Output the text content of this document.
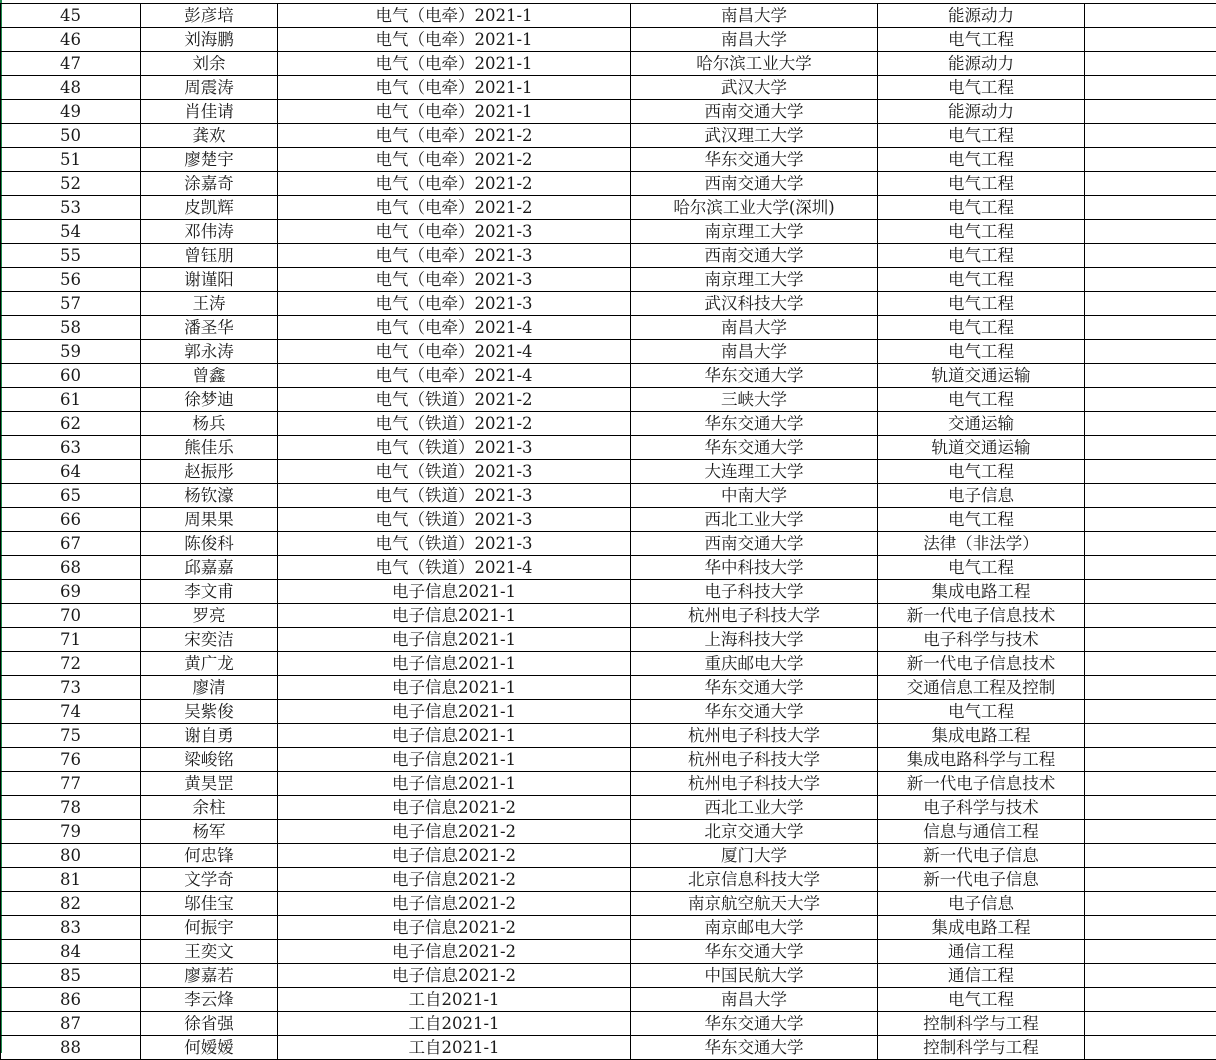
45	彭彦培	电气（电牵）2021-1	南昌大学	能源动力	
46	刘海鹏	电气（电牵）2021-1	南昌大学	电气工程	
47	刘余	电气（电牵）2021-1	哈尔滨工业大学	能源动力	
48	周震涛	电气（电牵）2021-1	武汉大学	电气工程	
49	肖佳请	电气（电牵）2021-1	西南交通大学	能源动力	
50	龚欢	电气（电牵）2021-2	武汉理工大学	电气工程	
51	廖楚宇	电气（电牵）2021-2	华东交通大学	电气工程	
52	涂嘉奇	电气（电牵）2021-2	西南交通大学	电气工程	
53	皮凯辉	电气（电牵）2021-2	哈尔滨工业大学(深圳)	电气工程	
54	邓伟涛	电气（电牵）2021-3	南京理工大学	电气工程	
55	曾钰朋	电气（电牵）2021-3	西南交通大学	电气工程	
56	谢谨阳	电气（电牵）2021-3	南京理工大学	电气工程	
57	王涛	电气（电牵）2021-3	武汉科技大学	电气工程	
58	潘圣华	电气（电牵）2021-4	南昌大学	电气工程	
59	郭永涛	电气（电牵）2021-4	南昌大学	电气工程	
60	曾鑫	电气（电牵）2021-4	华东交通大学	轨道交通运输	
61	徐梦迪	电气（铁道）2021-2	三峡大学	电气工程	
62	杨兵	电气（铁道）2021-2	华东交通大学	交通运输	
63	熊佳乐	电气（铁道）2021-3	华东交通大学	轨道交通运输	
64	赵振彤	电气（铁道）2021-3	大连理工大学	电气工程	
65	杨钦濠	电气（铁道）2021-3	中南大学	电子信息	
66	周果果	电气（铁道）2021-3	西北工业大学	电气工程	
67	陈俊科	电气（铁道）2021-3	西南交通大学	法律（非法学）	
68	邱嘉嘉	电气（铁道）2021-4	华中科技大学	电气工程	
69	李文甫	电子信息2021-1	电子科技大学	集成电路工程	
70	罗亮	电子信息2021-1	杭州电子科技大学	新一代电子信息技术	
71	宋奕洁	电子信息2021-1	上海科技大学	电子科学与技术	
72	黄广龙	电子信息2021-1	重庆邮电大学	新一代电子信息技术	
73	廖清	电子信息2021-1	华东交通大学	交通信息工程及控制	
74	吴紫俊	电子信息2021-1	华东交通大学	电气工程	
75	谢自勇	电子信息2021-1	杭州电子科技大学	集成电路工程	
76	梁峻铭	电子信息2021-1	杭州电子科技大学	集成电路科学与工程	
77	黄昊罡	电子信息2021-1	杭州电子科技大学	新一代电子信息技术	
78	余柱	电子信息2021-2	西北工业大学	电子科学与技术	
79	杨军	电子信息2021-2	北京交通大学	信息与通信工程	
80	何忠锋	电子信息2021-2	厦门大学	新一代电子信息	
81	文学奇	电子信息2021-2	北京信息科技大学	新一代电子信息	
82	邬佳宝	电子信息2021-2	南京航空航天大学	电子信息	
83	何振宇	电子信息2021-2	南京邮电大学	集成电路工程	
84	王奕文	电子信息2021-2	华东交通大学	通信工程	
85	廖嘉若	电子信息2021-2	中国民航大学	通信工程	
86	李云烽	工自2021-1	南昌大学	电气工程	
87	徐省强	工自2021-1	华东交通大学	控制科学与工程	
88	何嫒嫒	工自2021-1	华东交通大学	控制科学与工程	
